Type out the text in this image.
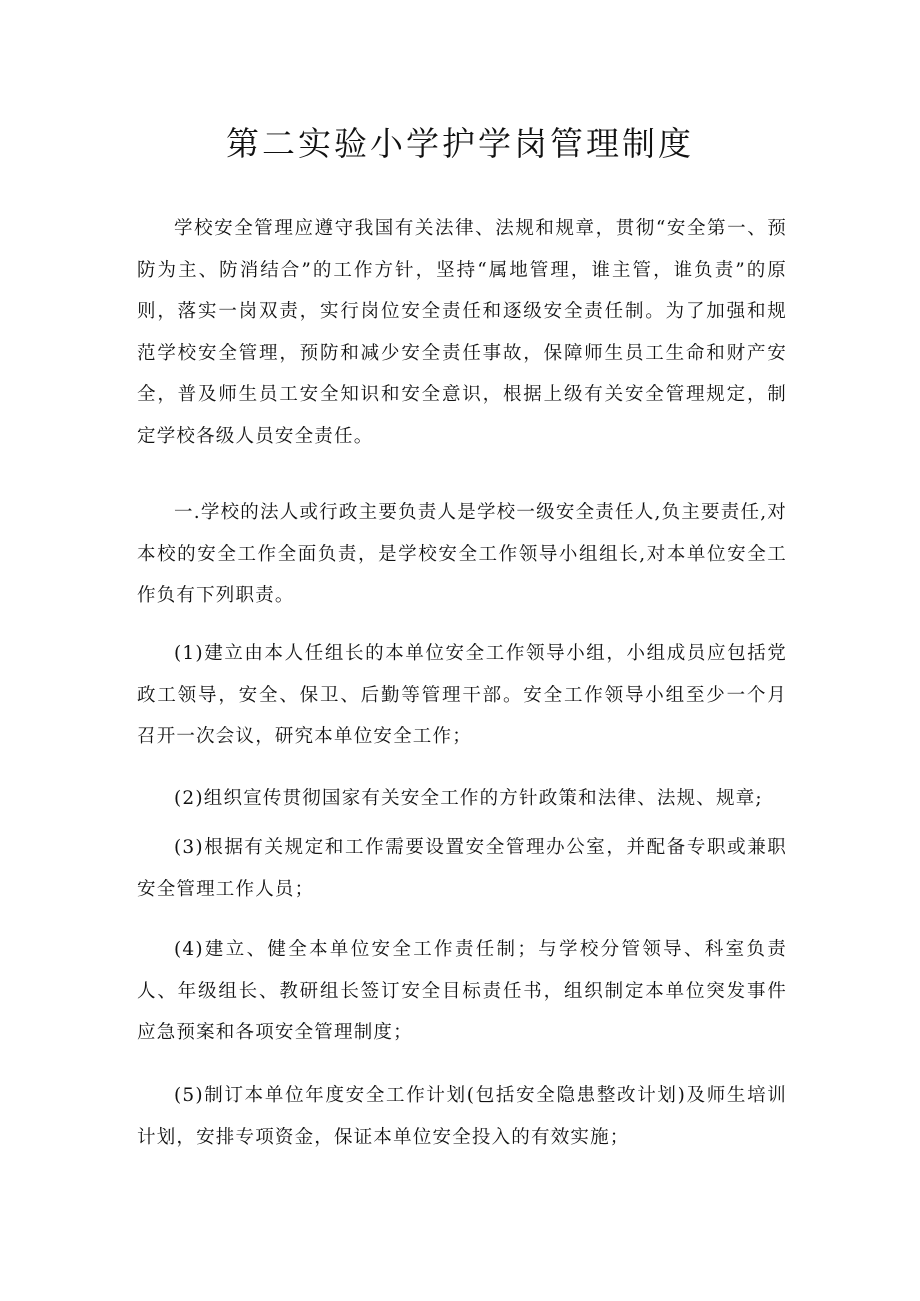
第二实验小学护学岗管理制度

学校安全管理应遵守我国有关法律、法规和规章，贯彻“安全第一、预防为主、防消结合”的工作方针，坚持“属地管理，谁主管，谁负责”的原则，落实一岗双责，实行岗位安全责任和逐级安全责任制。为了加强和规范学校安全管理，预防和减少安全责任事故，保障师生员工生命和财产安全，普及师生员工安全知识和安全意识，根据上级有关安全管理规定，制定学校各级人员安全责任。

一.学校的法人或行政主要负责人是学校一级安全责任人,负主要责任,对本校的安全工作全面负责，是学校安全工作领导小组组长,对本单位安全工作负有下列职责。

(1)建立由本人任组长的本单位安全工作领导小组，小组成员应包括党政工领导，安全、保卫、后勤等管理干部。安全工作领导小组至少一个月召开一次会议，研究本单位安全工作；

(2)组织宣传贯彻国家有关安全工作的方针政策和法律、法规、规章;

(3)根据有关规定和工作需要设置安全管理办公室，并配备专职或兼职安全管理工作人员；

(4)建立、健全本单位安全工作责任制；与学校分管领导、科室负责人、年级组长、教研组长签订安全目标责任书，组织制定本单位突发事件应急预案和各项安全管理制度；

(5)制订本单位年度安全工作计划(包括安全隐患整改计划)及师生培训计划，安排专项资金，保证本单位安全投入的有效实施；
